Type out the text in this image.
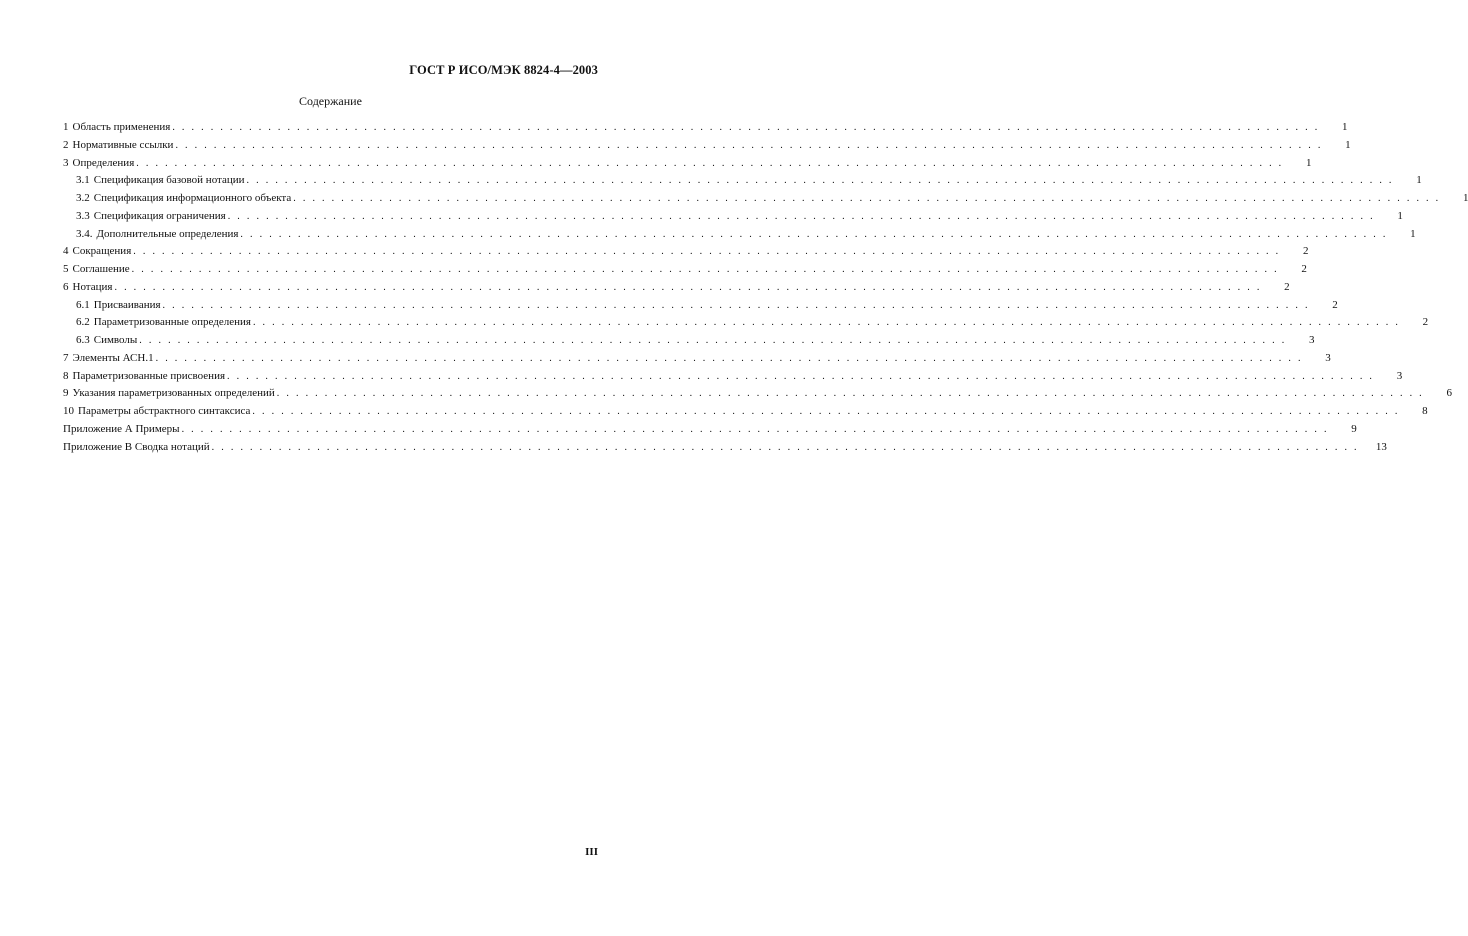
ГОСТ Р ИСО/МЭК 8824-4—2003
Содержание
1 Область применения . . . . . . . . . . . . . . . . . . . . . . . . . . . . . . . . . . . . . . . . . . . . . . . . . . . . . . . . . . . . . . . . . . . . . . . . . . . . . . . . . . . . . . . . . . . . . . . . . . . . . . . . . . . . . . . . . . . . . . . .	1
2 Нормативные ссылки . . . . . . . . . . . . . . . . . . . . . . . . . . . . . . . . . . . . . . . . . . . . . . . . . . . . . . . . . . . . . . . . . . . . . . . . . . . . . . . . . . . . . . . . . . . . . . . . . . . . . . . . . . . . . . . . . . . . . . . .	1
3 Определения . . . . . . . . . . . . . . . . . . . . . . . . . . . . . . . . . . . . . . . . . . . . . . . . . . . . . . . . . . . . . . . . . . . . . . . . . . . . . . . . . . . . . . . . . . . . . . . . . . . . . . . . . . . . . . . . . . . . . . . .	1
3.1 Спецификация базовой нотации . . . . . . . . . . . . . . . . . . . . . . . . . . . . . . . . . . . . . . . . . . . . . . . . . . . . . . . . . . . . . . . . . . . . . . . . . . . . . . . . . . . . . . . . . . . . . . . . . . . . . . . . . . . . . . . . . . . . . . . .	1
3.2 Спецификация информационного объекта . . . . . . . . . . . . . . . . . . . . . . . . . . . . . . . . . . . . . . . . . . . . . . . . . . . . . . . . . . . . . . . . . . . . . . . . . . . . . . . . . . . . . . . . . . . . . . . . . . . . . . . . . . . . . . . . . . . . . . . .	1
3.3 Спецификация ограничения . . . . . . . . . . . . . . . . . . . . . . . . . . . . . . . . . . . . . . . . . . . . . . . . . . . . . . . . . . . . . . . . . . . . . . . . . . . . . . . . . . . . . . . . . . . . . . . . . . . . . . . . . . . . . . . . . . . . . . . .	1
3.4. Дополнительные определения . . . . . . . . . . . . . . . . . . . . . . . . . . . . . . . . . . . . . . . . . . . . . . . . . . . . . . . . . . . . . . . . . . . . . . . . . . . . . . . . . . . . . . . . . . . . . . . . . . . . . . . . . . . . . . . . . . . . . . . .	1
4 Сокращения . . . . . . . . . . . . . . . . . . . . . . . . . . . . . . . . . . . . . . . . . . . . . . . . . . . . . . . . . . . . . . . . . . . . . . . . . . . . . . . . . . . . . . . . . . . . . . . . . . . . . . . . . . . . . . . . . . . . . . . .	2
5 Соглашение . . . . . . . . . . . . . . . . . . . . . . . . . . . . . . . . . . . . . . . . . . . . . . . . . . . . . . . . . . . . . . . . . . . . . . . . . . . . . . . . . . . . . . . . . . . . . . . . . . . . . . . . . . . . . . . . . . . . . . . .	2
6 Нотация . . . . . . . . . . . . . . . . . . . . . . . . . . . . . . . . . . . . . . . . . . . . . . . . . . . . . . . . . . . . . . . . . . . . . . . . . . . . . . . . . . . . . . . . . . . . . . . . . . . . . . . . . . . . . . . . . . . . . . . .	2
6.1 Присваивания . . . . . . . . . . . . . . . . . . . . . . . . . . . . . . . . . . . . . . . . . . . . . . . . . . . . . . . . . . . . . . . . . . . . . . . . . . . . . . . . . . . . . . . . . . . . . . . . . . . . . . . . . . . . . . . . . . . . . . . .	2
6.2 Параметризованные определения . . . . . . . . . . . . . . . . . . . . . . . . . . . . . . . . . . . . . . . . . . . . . . . . . . . . . . . . . . . . . . . . . . . . . . . . . . . . . . . . . . . . . . . . . . . . . . . . . . . . . . . . . . . . . . . . . . . . . . . .	2
6.3 Символы . . . . . . . . . . . . . . . . . . . . . . . . . . . . . . . . . . . . . . . . . . . . . . . . . . . . . . . . . . . . . . . . . . . . . . . . . . . . . . . . . . . . . . . . . . . . . . . . . . . . . . . . . . . . . . . . . . . . . . . .	3
7 Элементы АСН.1 . . . . . . . . . . . . . . . . . . . . . . . . . . . . . . . . . . . . . . . . . . . . . . . . . . . . . . . . . . . . . . . . . . . . . . . . . . . . . . . . . . . . . . . . . . . . . . . . . . . . . . . . . . . . . . . . . . . . . . . .	3
8 Параметризованные присвоения . . . . . . . . . . . . . . . . . . . . . . . . . . . . . . . . . . . . . . . . . . . . . . . . . . . . . . . . . . . . . . . . . . . . . . . . . . . . . . . . . . . . . . . . . . . . . . . . . . . . . . . . . . . . . . . . . . . . . . . .	3
9 Указания параметризованных определений . . . . . . . . . . . . . . . . . . . . . . . . . . . . . . . . . . . . . . . . . . . . . . . . . . . . . . . . . . . . . . . . . . . . . . . . . . . . . . . . . . . . . . . . . . . . . . . . . . . . . . . . . . . . . . . . . . . . . . . .	6
10 Параметры абстрактного синтаксиса . . . . . . . . . . . . . . . . . . . . . . . . . . . . . . . . . . . . . . . . . . . . . . . . . . . . . . . . . . . . . . . . . . . . . . . . . . . . . . . . . . . . . . . . . . . . . . . . . . . . . . . . . . . . . . . . . . . . . . . .	8
Приложение А Примеры . . . . . . . . . . . . . . . . . . . . . . . . . . . . . . . . . . . . . . . . . . . . . . . . . . . . . . . . . . . . . . . . . . . . . . . . . . . . . . . . . . . . . . . . . . . . . . . . . . . . . . . . . . . . . . . . . . . . . . . .	9
Приложение В Сводка нотаций . . . . . . . . . . . . . . . . . . . . . . . . . . . . . . . . . . . . . . . . . . . . . . . . . . . . . . . . . . . . . . . . . . . . . . . . . . . . . . . . . . . . . . . . . . . . . . . . . . . . . . . . . . . . . . . . . . . . . . . .	13
III
